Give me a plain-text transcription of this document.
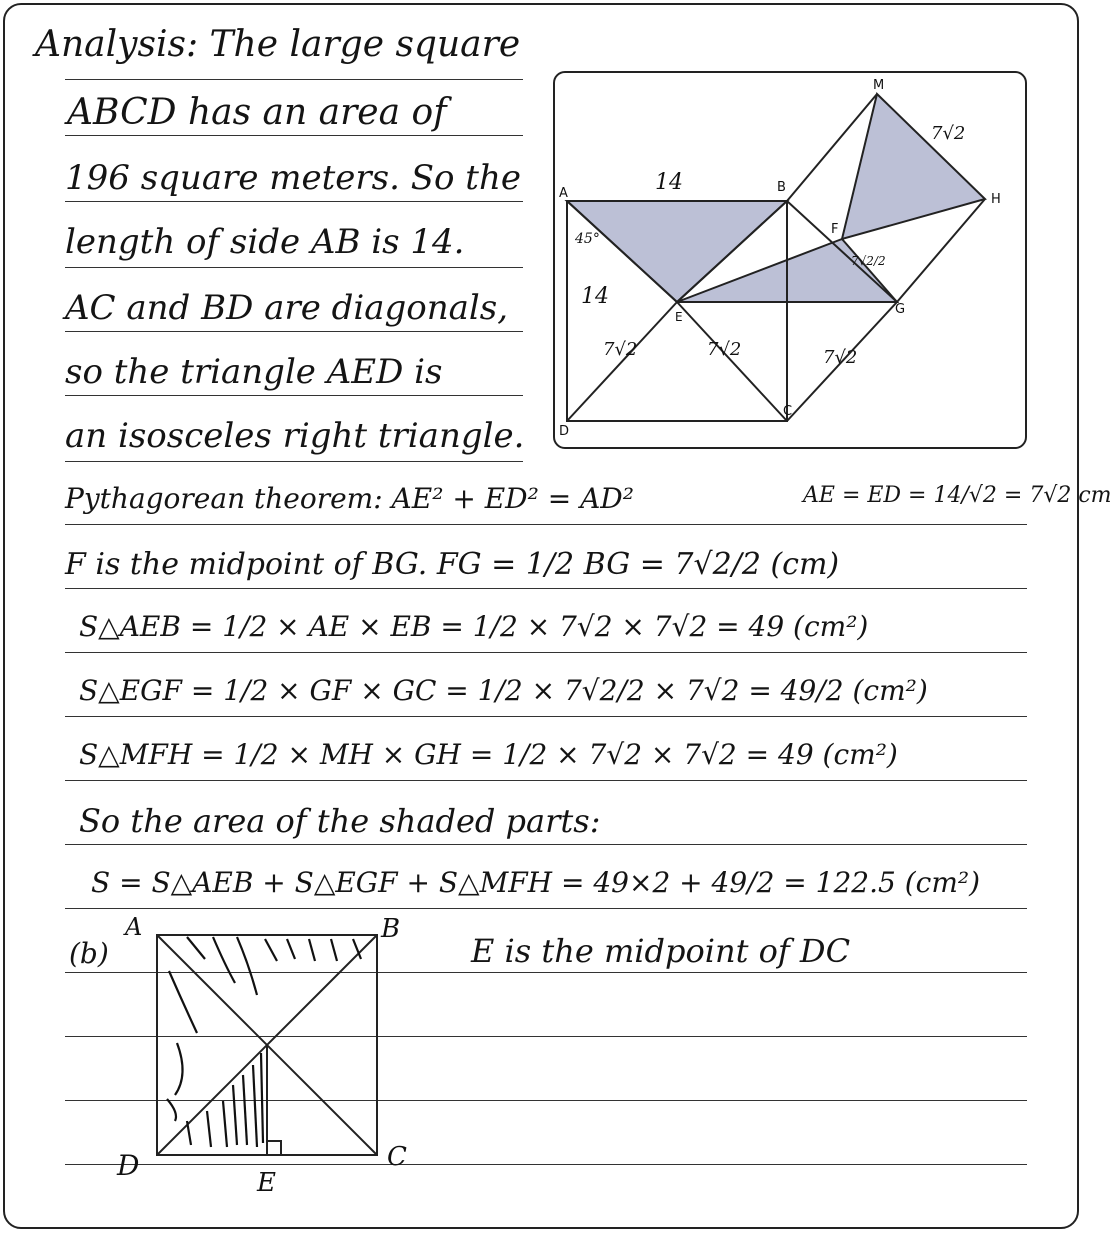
Analysis: The large square
ABCD has an area of
196 square meters. So the
length of side AB is 14.
AC and BD are diagonals,
so the triangle AED is
an isosceles right triangle.
M
H
A	B
F
G
E
D
C
14
14
45°
7√2
7√2/2
7√2	7√2	7√2
Pythagorean theorem: AE² + ED² = AD²	AE = ED = 14/√2 = 7√2 cm
F is the midpoint of BG. FG = 1/2 BG = 7√2/2 (cm)
S△AEB = 1/2 × AE × EB = 1/2 × 7√2 × 7√2 = 49 (cm²)
S△EGF = 1/2 × GF × GC = 1/2 × 7√2/2 × 7√2 = 49/2 (cm²)
S△MFH = 1/2 × MH × GH = 1/2 × 7√2 × 7√2 = 49 (cm²)
So the area of the shaded parts:
S = S△AEB + S△EGF + S△MFH = 49×2 + 49/2 = 122.5 (cm²)
(b)	E is the midpoint of DC
A	B
C
D
E
